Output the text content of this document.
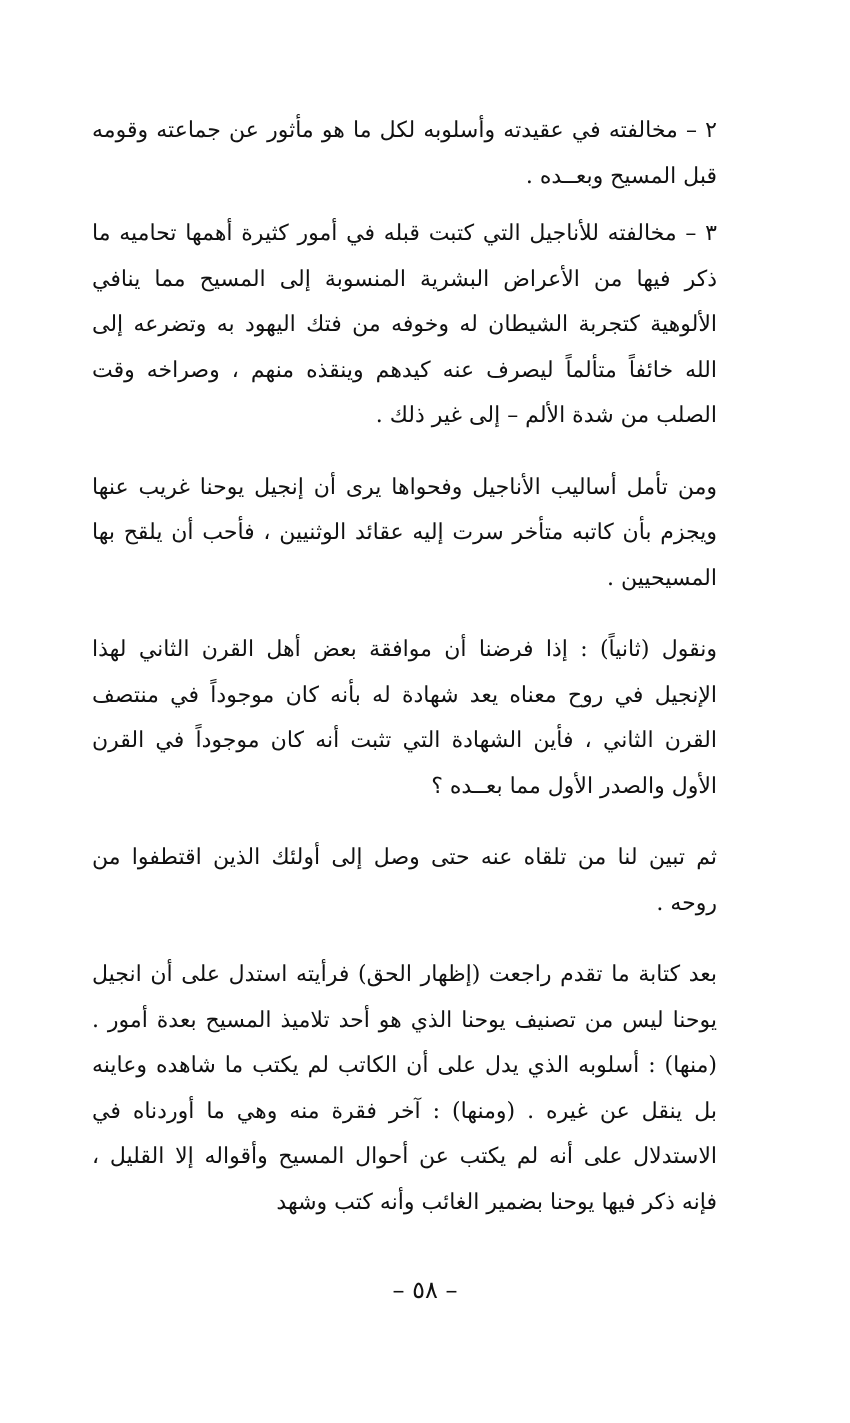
٢ – مخالفته في عقيدته وأسلوبه لكل ما هو مأثور عن جماعته وقومه قبل المسيح وبعــده .

٣ – مخالفته للأناجيل التي كتبت قبله في أمور كثيرة أهمها تحاميه ما ذكر فيها من الأعراض البشرية المنسوبة إلى المسيح مما ينافي الألوهية كتجربة الشيطان له وخوفه من فتك اليهود به وتضرعه إلى الله خائفاً متألماً ليصرف عنه كيدهم وينقذه منهم ، وصراخه وقت الصلب من شدة الألم – إلى غير ذلك .

ومن تأمل أساليب الأناجيل وفحواها يرى أن إنجيل يوحنا غريب عنها ويجزم بأن كاتبه متأخر سرت إليه عقائد الوثنيين ، فأحب أن يلقح بها المسيحيين .

ونقول (ثانياً) : إذا فرضنا أن موافقة بعض أهل القرن الثاني لهذا الإنجيل في روح معناه يعد شهادة له بأنه كان موجوداً في منتصف القرن الثاني ، فأين الشهادة التي تثبت أنه كان موجوداً في القرن الأول والصدر الأول مما بعــده ؟

ثم تبين لنا من تلقاه عنه حتى وصل إلى أولئك الذين اقتطفوا من روحه .

بعد كتابة ما تقدم راجعت (إظهار الحق) فرأيته استدل على أن انجيل يوحنا ليس من تصنيف يوحنا الذي هو أحد تلاميذ المسيح بعدة أمور . (منها) : أسلوبه الذي يدل على أن الكاتب لم يكتب ما شاهده وعاينه بل ينقل عن غيره . (ومنها) : آخر فقرة منه وهي ما أوردناه في الاستدلال على أنه لم يكتب عن أحوال المسيح وأقواله إلا القليل ، فإنه ذكر فيها يوحنا بضمير الغائب وأنه كتب وشهد

– ٥٨ –
